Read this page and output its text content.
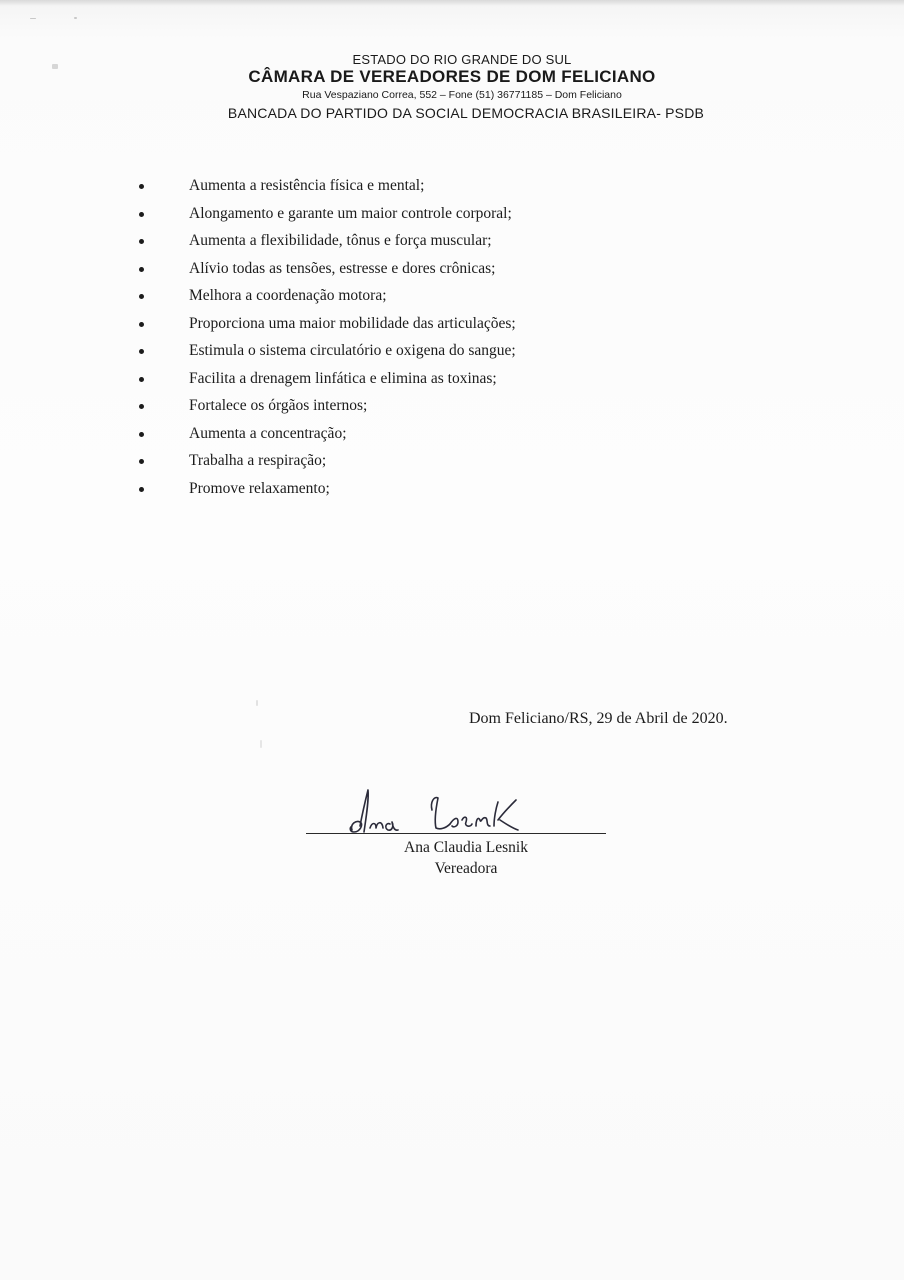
ESTADO DO RIO GRANDE DO SUL
CÂMARA DE VEREADORES DE DOM FELICIANO
Rua Vespaziano Correa, 552 – Fone (51) 36771185 – Dom Feliciano
BANCADA DO PARTIDO DA SOCIAL DEMOCRACIA BRASILEIRA- PSDB
Aumenta a resistência física e mental;
Alongamento e garante um maior controle corporal;
Aumenta a flexibilidade, tônus e força muscular;
Alívio todas as tensões, estresse e dores crônicas;
Melhora a coordenação motora;
Proporciona uma maior mobilidade das articulações;
Estimula o sistema circulatório e oxigena do sangue;
Facilita a drenagem linfática e elimina as toxinas;
Fortalece os órgãos internos;
Aumenta a concentração;
Trabalha a respiração;
Promove relaxamento;
Dom Feliciano/RS, 29 de Abril de 2020.
Ana Claudia Lesnik
Vereadora
